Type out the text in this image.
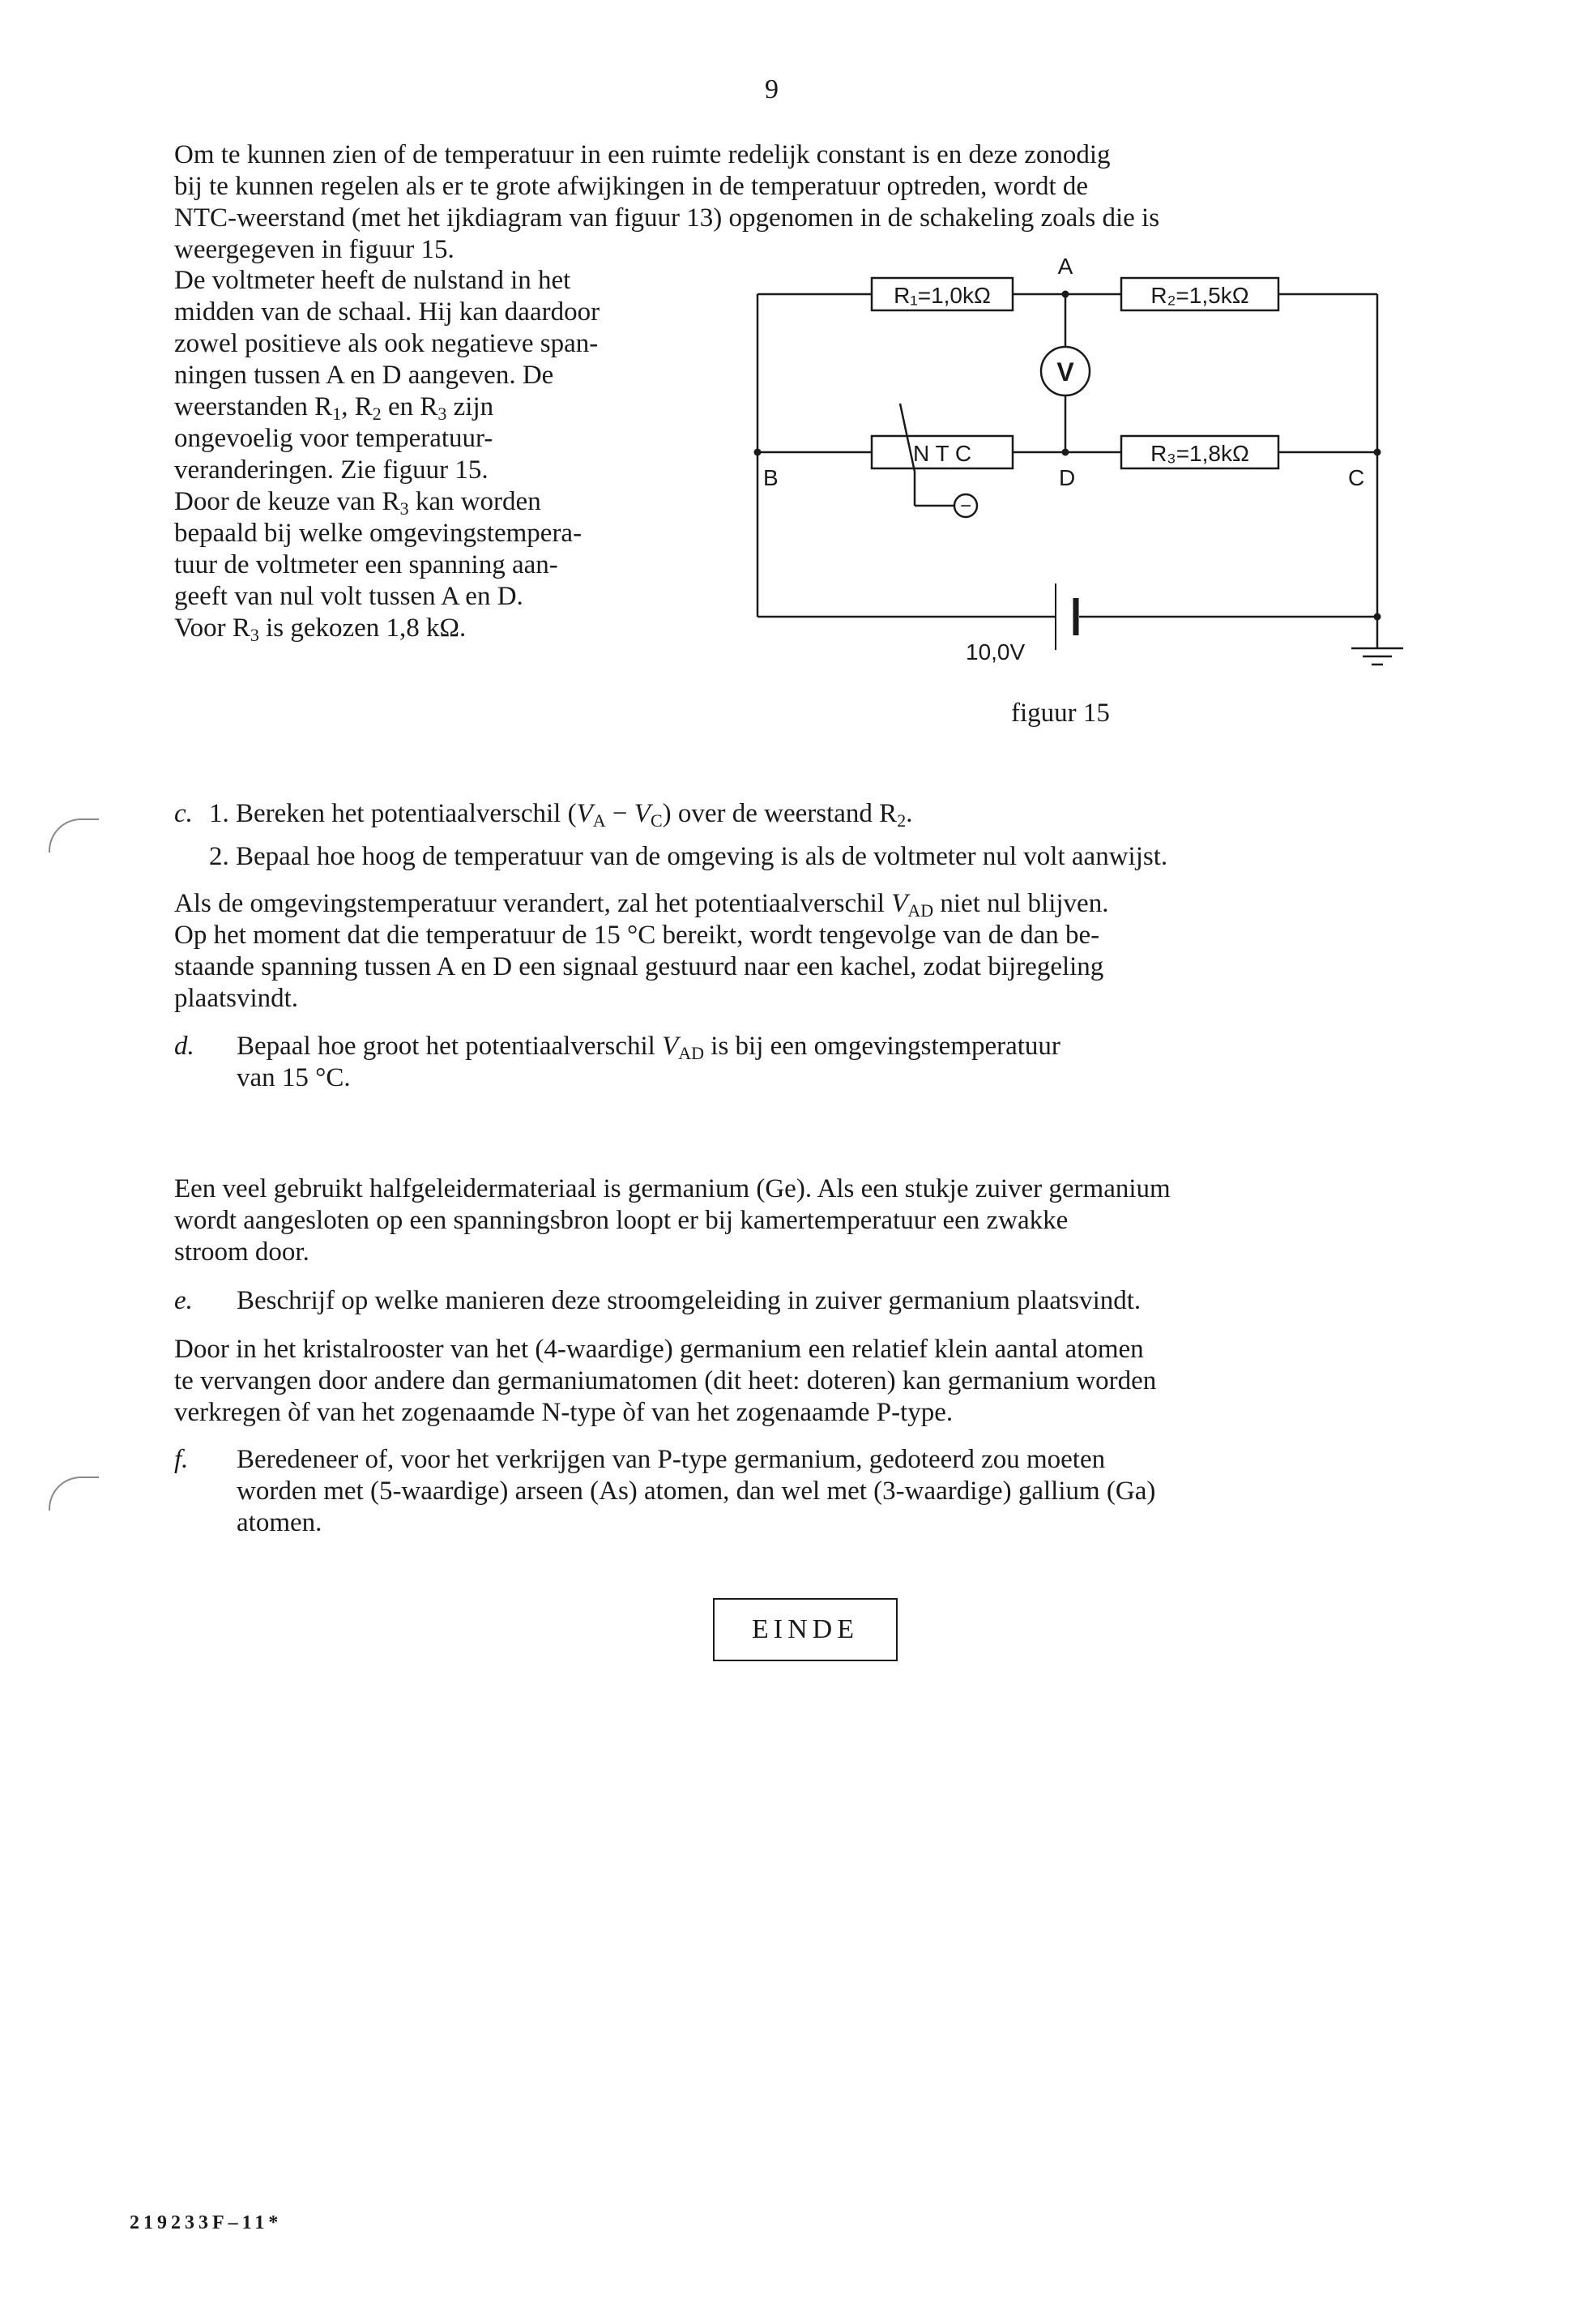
9
Om te kunnen zien of de temperatuur in een ruimte redelijk constant is en deze zonodig
bij te kunnen regelen als er te grote afwijkingen in de temperatuur optreden, wordt de
NTC-weerstand (met het ijkdiagram van figuur 13) opgenomen in de schakeling zoals die is
weergegeven in figuur 15.
De voltmeter heeft de nulstand in het
midden van de schaal. Hij kan daardoor
zowel positieve als ook negatieve span-
ningen tussen A en D aangeven. De
weerstanden $R_1$, $R_2$ en $R_3$ zijn
ongevoelig voor temperatuur-
veranderingen. Zie figuur 15.
Door de keuze van $R_3$ kan worden
bepaald bij welke omgevingstempera-
tuur de voltmeter een spanning aan-
geeft van nul volt tussen A en D.
Voor $R_3$ is gekozen 1,8 kΩ.
R₁=1,0kΩ	R₂=1,5kΩ
N T C	R₃=1,8kΩ
−
V
A
B	D	C
10,0V
figuur 15
c. 1. Bereken het potentiaalverschil $(V_A - V_C)$ over de weerstand $R_2$.
2. Bepaal hoe hoog de temperatuur van de omgeving is als de voltmeter nul volt aanwijst.
Als de omgevingstemperatuur verandert, zal het potentiaalverschil $V_{AD}$ niet nul blijven.
Op het moment dat die temperatuur de 15 °C bereikt, wordt tengevolge van de dan be-
staande spanning tussen A en D een signaal gestuurd naar een kachel, zodat bijregeling
plaatsvindt.
d. Bepaal hoe groot het potentiaalverschil $V_{AD}$ is bij een omgevingstemperatuur
van 15 °C.
Een veel gebruikt halfgeleidermateriaal is germanium (Ge). Als een stukje zuiver germanium
wordt aangesloten op een spanningsbron loopt er bij kamertemperatuur een zwakke
stroom door.
e. Beschrijf op welke manieren deze stroomgeleiding in zuiver germanium plaatsvindt.
Door in het kristalrooster van het (4-waardige) germanium een relatief klein aantal atomen
te vervangen door andere dan germaniumatomen (dit heet: doteren) kan germanium worden
verkregen òf van het zogenaamde N-type òf van het zogenaamde P-type.
f. Beredeneer of, voor het verkrijgen van P-type germanium, gedoteerd zou moeten
worden met (5-waardige) arseen (As) atomen, dan wel met (3-waardige) gallium (Ga)
atomen.
EINDE
219233F–11*
